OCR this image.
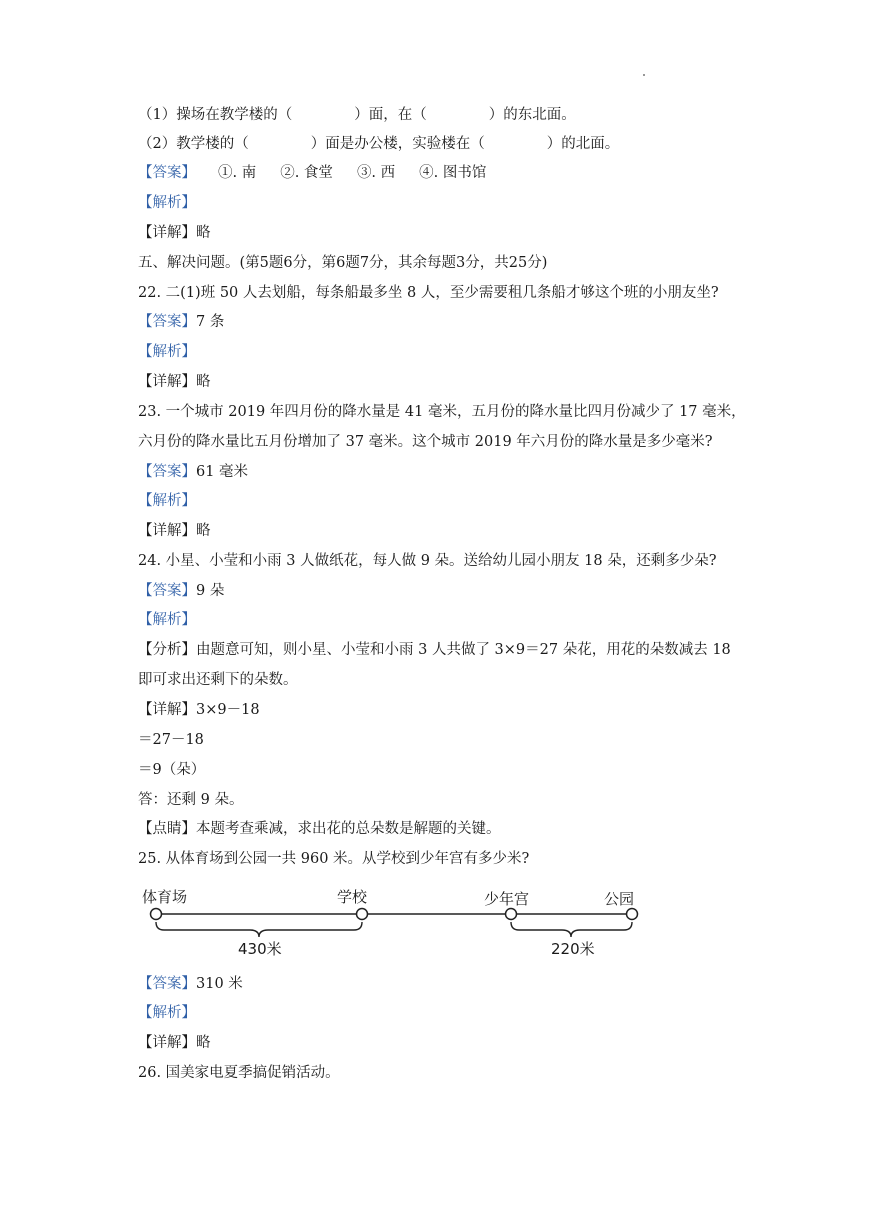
（1）操场在教学楼的（	）面，在（	）的东北面。
（2）教学楼的（	）面是办公楼，实验楼在（	）的北面。
【答案】 ①. 南 ②. 食堂 ③. 西 ④. 图书馆
【解析】
【详解】略
五、解决问题。(第5题6分，第6题7分，其余每题3分，共25分)
22. 二(1)班 50 人去划船，每条船最多坐 8 人，至少需要租几条船才够这个班的小朋友坐?
【答案】7 条
【解析】
【详解】略
23. 一个城市 2019 年四月份的降水量是 41 毫米，五月份的降水量比四月份减少了 17 毫米，
六月份的降水量比五月份增加了 37 毫米。这个城市 2019 年六月份的降水量是多少毫米?
【答案】61 毫米
【解析】
【详解】略
24. 小星、小莹和小雨 3 人做纸花，每人做 9 朵。送给幼儿园小朋友 18 朵，还剩多少朵?
【答案】9 朵
【解析】
【分析】由题意可知，则小星、小莹和小雨 3 人共做了 3×9＝27 朵花，用花的朵数减去 18
即可求出还剩下的朵数。
【详解】3×9－18
＝27－18
＝9（朵）
答：还剩 9 朵。
【点睛】本题考查乘减，求出花的总朵数是解题的关键。
25. 从体育场到公园一共 960 米。从学校到少年宫有多少米?
体育场	学校	少年宫	公园
430米	220米
【答案】310 米
【解析】
【详解】略
26. 国美家电夏季搞促销活动。
